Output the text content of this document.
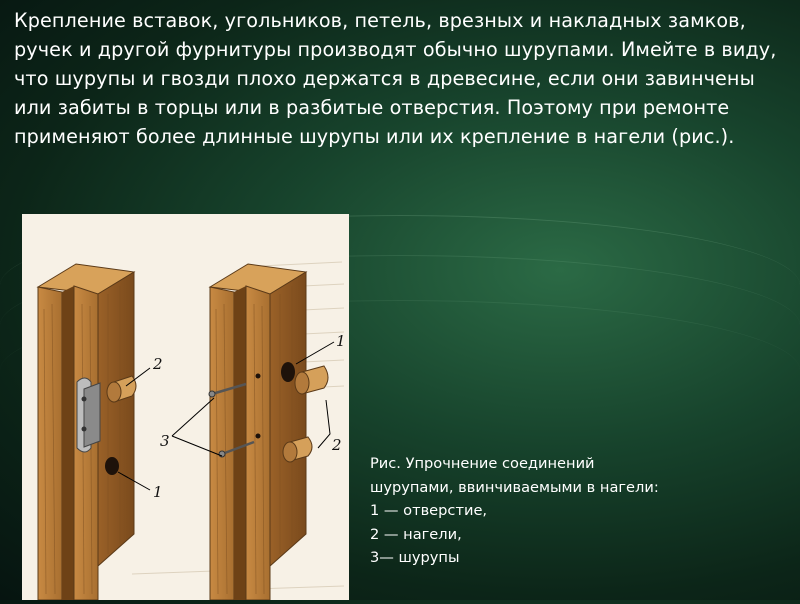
Крепление вставок, угольников, петель, врезных и накладных замков, ручек и другой фурнитуры производят обычно шурупами. Имейте в виду, что шурупы и гвозди плохо держатся в древесине, если они завинчены или забиты в торцы или в разбитые отверстия. Поэтому при ремонте применяют более длинные шурупы или их крепление в нагели (рис.).
2
1
1
2
3
Рис. Упрочнение соединений
шурупами, ввинчиваемыми в нагели:
1 — отверстие,
2 — нагели,
3— шурупы
